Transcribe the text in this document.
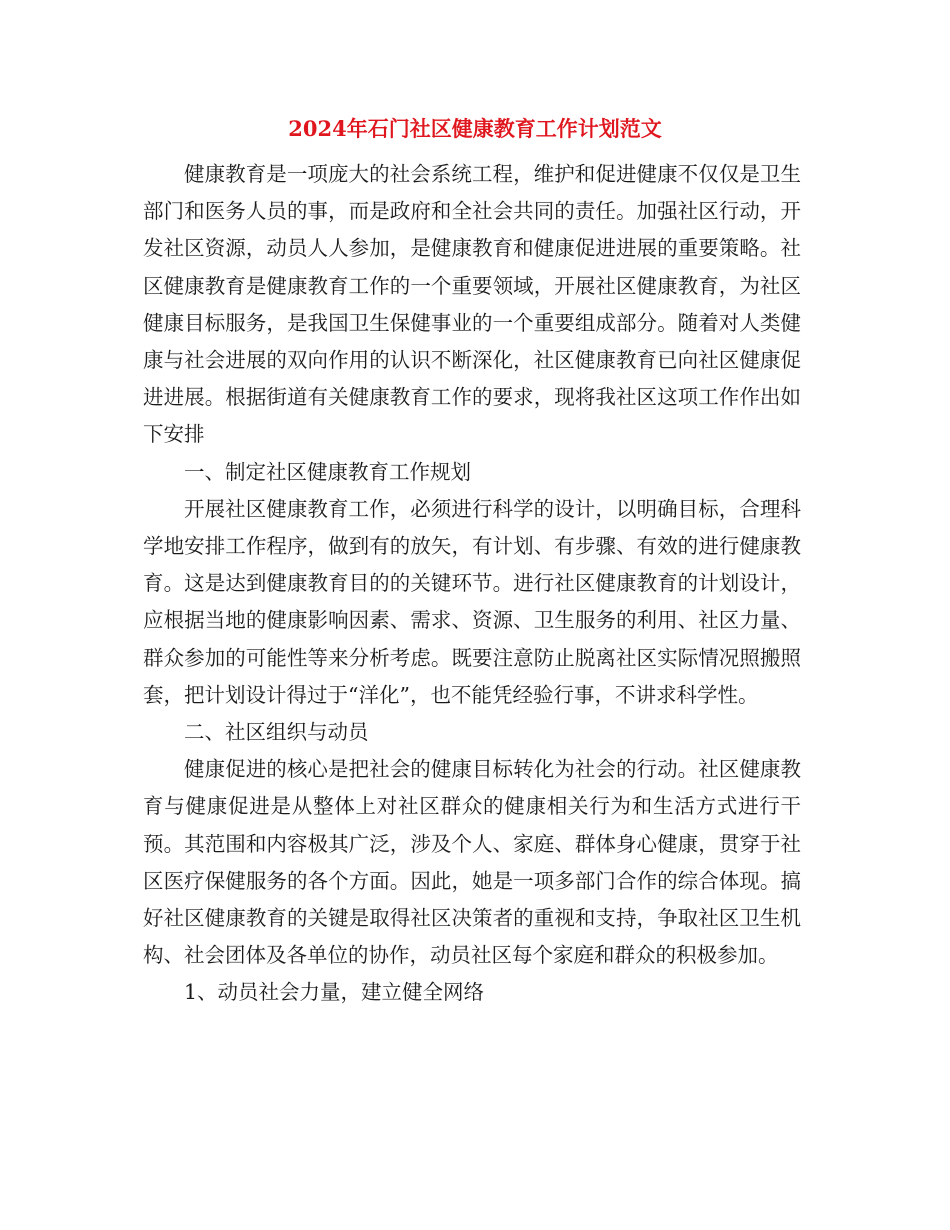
2024年石门社区健康教育工作计划范文

健康教育是一项庞大的社会系统工程，维护和促进健康不仅仅是卫生部门和医务人员的事，而是政府和全社会共同的责任。加强社区行动，开发社区资源，动员人人参加，是健康教育和健康促进进展的重要策略。社区健康教育是健康教育工作的一个重要领域，开展社区健康教育，为社区健康目标服务，是我国卫生保健事业的一个重要组成部分。随着对人类健康与社会进展的双向作用的认识不断深化，社区健康教育已向社区健康促进进展。根据街道有关健康教育工作的要求，现将我社区这项工作作出如下安排

一、制定社区健康教育工作规划

开展社区健康教育工作，必须进行科学的设计，以明确目标，合理科学地安排工作程序，做到有的放矢，有计划、有步骤、有效的进行健康教育。这是达到健康教育目的的关键环节。进行社区健康教育的计划设计，应根据当地的健康影响因素、需求、资源、卫生服务的利用、社区力量、群众参加的可能性等来分析考虑。既要注意防止脱离社区实际情况照搬照套，把计划设计得过于“洋化”，也不能凭经验行事，不讲求科学性。

二、社区组织与动员

健康促进的核心是把社会的健康目标转化为社会的行动。社区健康教育与健康促进是从整体上对社区群众的健康相关行为和生活方式进行干预。其范围和内容极其广泛，涉及个人、家庭、群体身心健康，贯穿于社区医疗保健服务的各个方面。因此，她是一项多部门合作的综合体现。搞好社区健康教育的关键是取得社区决策者的重视和支持，争取社区卫生机构、社会团体及各单位的协作，动员社区每个家庭和群众的积极参加。

1、动员社会力量，建立健全网络
